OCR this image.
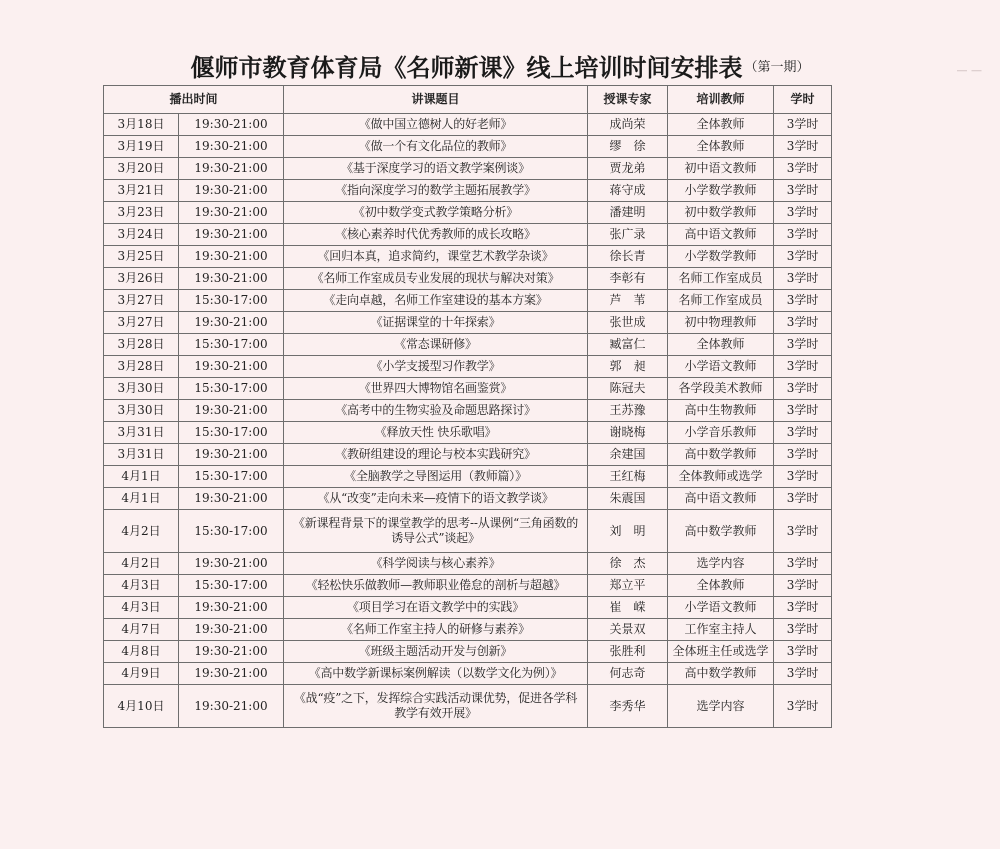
偃师市教育体育局《名师新课》线上培训时间安排表 （第一期）	— —
播出时间		讲课题目	授课专家	培训教师	学时
3月18日	19:30-21:00	《做中国立德树人的好老师》	成尚荣	全体教师	3学时
3月19日	19:30-21:00	《做一个有文化品位的教师》	缪　徐	全体教师	3学时
3月20日	19:30-21:00	《基于深度学习的语文教学案例谈》	贾龙弟	初中语文教师	3学时
3月21日	19:30-21:00	《指向深度学习的数学主题拓展教学》	蒋守成	小学数学教师	3学时
3月23日	19:30-21:00	《初中数学变式教学策略分析》	潘建明	初中数学教师	3学时
3月24日	19:30-21:00	《核心素养时代优秀教师的成长攻略》	张广录	高中语文教师	3学时
3月25日	19:30-21:00	《回归本真，追求简约，课堂艺术教学杂谈》	徐长青	小学数学教师	3学时
3月26日	19:30-21:00	《名师工作室成员专业发展的现状与解决对策》	李彰有	名师工作室成员	3学时
3月27日	15:30-17:00	《走向卓越，名师工作室建设的基本方案》	芦　苇	名师工作室成员	3学时
3月27日	19:30-21:00	《证据课堂的十年探索》	张世成	初中物理教师	3学时
3月28日	15:30-17:00	《常态课研修》	臧富仁	全体教师	3学时
3月28日	19:30-21:00	《小学支援型习作教学》	郭　昶	小学语文教师	3学时
3月30日	15:30-17:00	《世界四大博物馆名画鉴赏》	陈冠夫	各学段美术教师	3学时
3月30日	19:30-21:00	《高考中的生物实验及命题思路探讨》	王苏豫	高中生物教师	3学时
3月31日	15:30-17:00	《释放天性 快乐歌唱》	谢晓梅	小学音乐教师	3学时
3月31日	19:30-21:00	《教研组建设的理论与校本实践研究》	余建国	高中数学教师	3学时
4月1日	15:30-17:00	《全脑教学之导图运用（教师篇）》	王红梅	全体教师或选学	3学时
4月1日	19:30-21:00	《从“改变”走向未来—疫情下的语文教学谈》	朱震国	高中语文教师	3学时
4月2日	15:30-17:00	《新课程背景下的课堂教学的思考--从课例“三角函数的诱导公式”谈起》	刘　明	高中数学教师	3学时
4月2日	19:30-21:00	《科学阅读与核心素养》	徐　杰	选学内容	3学时
4月3日	15:30-17:00	《轻松快乐做教师—教师职业倦怠的剖析与超越》	郑立平	全体教师	3学时
4月3日	19:30-21:00	《项目学习在语文教学中的实践》	崔　嵘	小学语文教师	3学时
4月7日	19:30-21:00	《名师工作室主持人的研修与素养》	关景双	工作室主持人	3学时
4月8日	19:30-21:00	《班级主题活动开发与创新》	张胜利	全体班主任或选学	3学时
4月9日	19:30-21:00	《高中数学新课标案例解读（以数学文化为例）》	何志奇	高中数学教师	3学时
4月10日	19:30-21:00	《战“疫”之下，发挥综合实践活动课优势，促进各学科教学有效开展》	李秀华	选学内容	3学时
